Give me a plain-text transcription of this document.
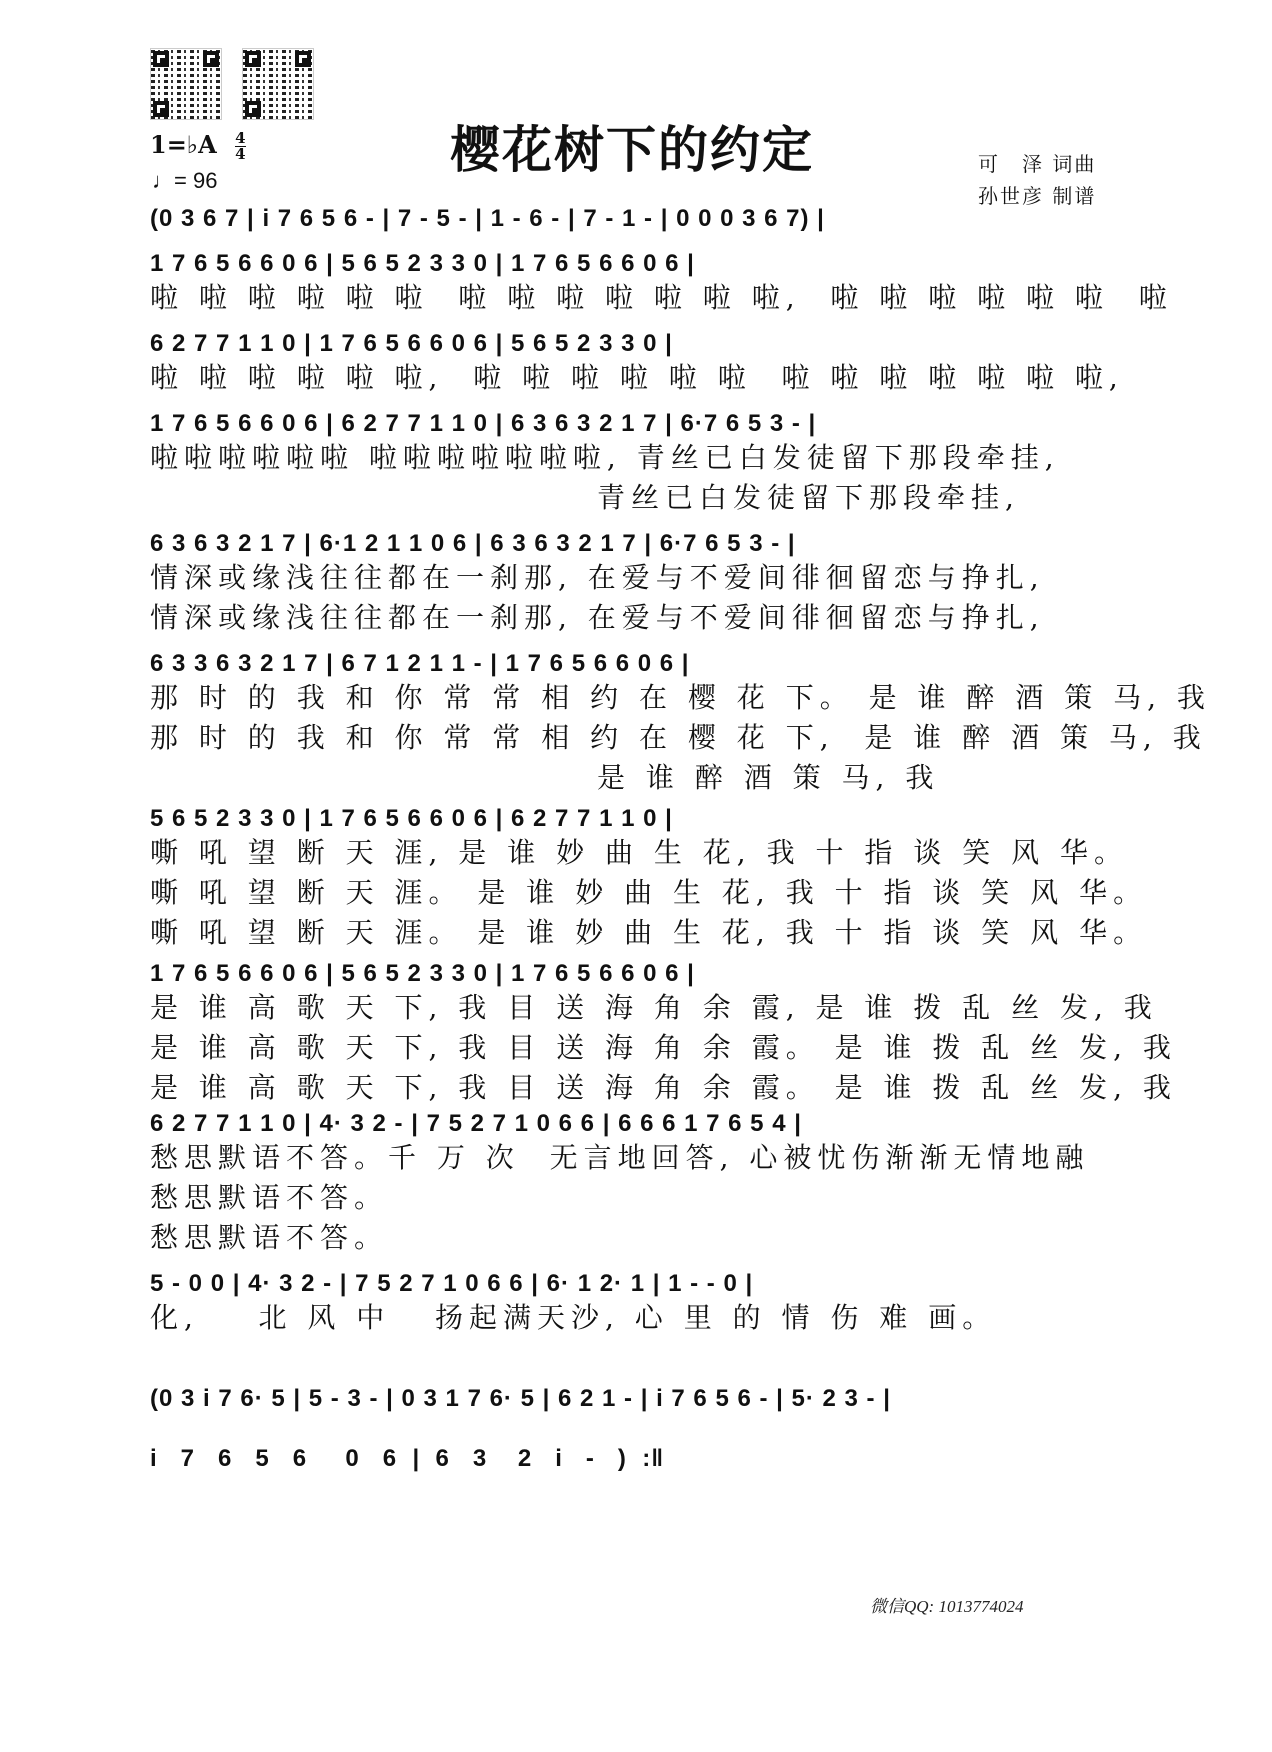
1=♭A $\frac{4}{4}$
♩= 96
樱花树下的约定	可　泽 词曲
孙世彦 制谱
(0 3 6 7 | i 7 6 5 6 - | 7 - 5 - | 1 - 6 - | 7 - 1 - | 0 0 0 3 6 7) |
1 7 6 5 6 6 0 6 | 5 6 5 2 3 3 0 | 1 7 6 5 6 6 0 6 |
啦 啦 啦 啦 啦 啦  啦 啦 啦 啦 啦 啦 啦,  啦 啦 啦 啦 啦 啦  啦
6 2 7 7 1 1 0 | 1 7 6 5 6 6 0 6 | 5 6 5 2 3 3 0 |
啦 啦 啦 啦 啦 啦,  啦 啦 啦 啦 啦 啦  啦 啦 啦 啦 啦 啦 啦,
1 7 6 5 6 6 0 6 | 6 2 7 7 1 1 0 | 6 3 6 3 2 1 7 | 6·7 6 5 3 - |
啦啦啦啦啦啦 啦啦啦啦啦啦啦, 青丝已白发徒留下那段牵挂,
青丝已白发徒留下那段牵挂,
6 3 6 3 2 1 7 | 6·1 2 1 1 0 6 | 6 3 6 3 2 1 7 | 6·7 6 5 3 - |
情深或缘浅往往都在一刹那, 在爱与不爱间徘徊留恋与挣扎,
情深或缘浅往往都在一刹那, 在爱与不爱间徘徊留恋与挣扎,
6 3 3 6 3 2 1 7 | 6 7 1 2 1 1 - | 1 7 6 5 6 6 0 6 |
那 时 的 我 和 你 常 常 相 约 在 樱 花 下。 是 谁 醉 酒 策 马, 我
那 时 的 我 和 你 常 常 相 约 在 樱 花 下,  是 谁 醉 酒 策 马, 我
是 谁 醉 酒 策 马, 我
5 6 5 2 3 3 0 | 1 7 6 5 6 6 0 6 | 6 2 7 7 1 1 0 |
嘶 吼 望 断 天 涯, 是 谁 妙 曲 生 花, 我 十 指 谈 笑 风 华。
嘶 吼 望 断 天 涯。 是 谁 妙 曲 生 花, 我 十 指 谈 笑 风 华。
嘶 吼 望 断 天 涯。 是 谁 妙 曲 生 花, 我 十 指 谈 笑 风 华。
1 7 6 5 6 6 0 6 | 5 6 5 2 3 3 0 | 1 7 6 5 6 6 0 6 |
是 谁 高 歌 天 下, 我 目 送 海 角 余 霞, 是 谁 拨 乱 丝 发, 我
是 谁 高 歌 天 下, 我 目 送 海 角 余 霞。 是 谁 拨 乱 丝 发, 我
是 谁 高 歌 天 下, 我 目 送 海 角 余 霞。 是 谁 拨 乱 丝 发, 我
6 2 7 7 1 1 0 | 4· 3 2 - | 7 5 2 7 1 0 6 6 | 6 6 6 1 7 6 5 4 |
愁思默语不答。千 万 次  无言地回答, 心被忧伤渐渐无情地融
愁思默语不答。
愁思默语不答。
5 - 0 0 | 4· 3 2 - | 7 5 2 7 1 0 6 6 | 6· 1 2· 1 | 1 - - 0 |
化,    北 风 中   扬起满天沙, 心 里 的 情 伤 难 画。
(0 3 i 7 6· 5 | 5 - 3 - | 0 3 1 7 6· 5 | 6 2 1 - | i 7 6 5 6 - | 5· 2 3 - |
i   7   6   5   6     0   6  |  6   3    2   i   -   )  :‖
微信QQ: 1013774024
